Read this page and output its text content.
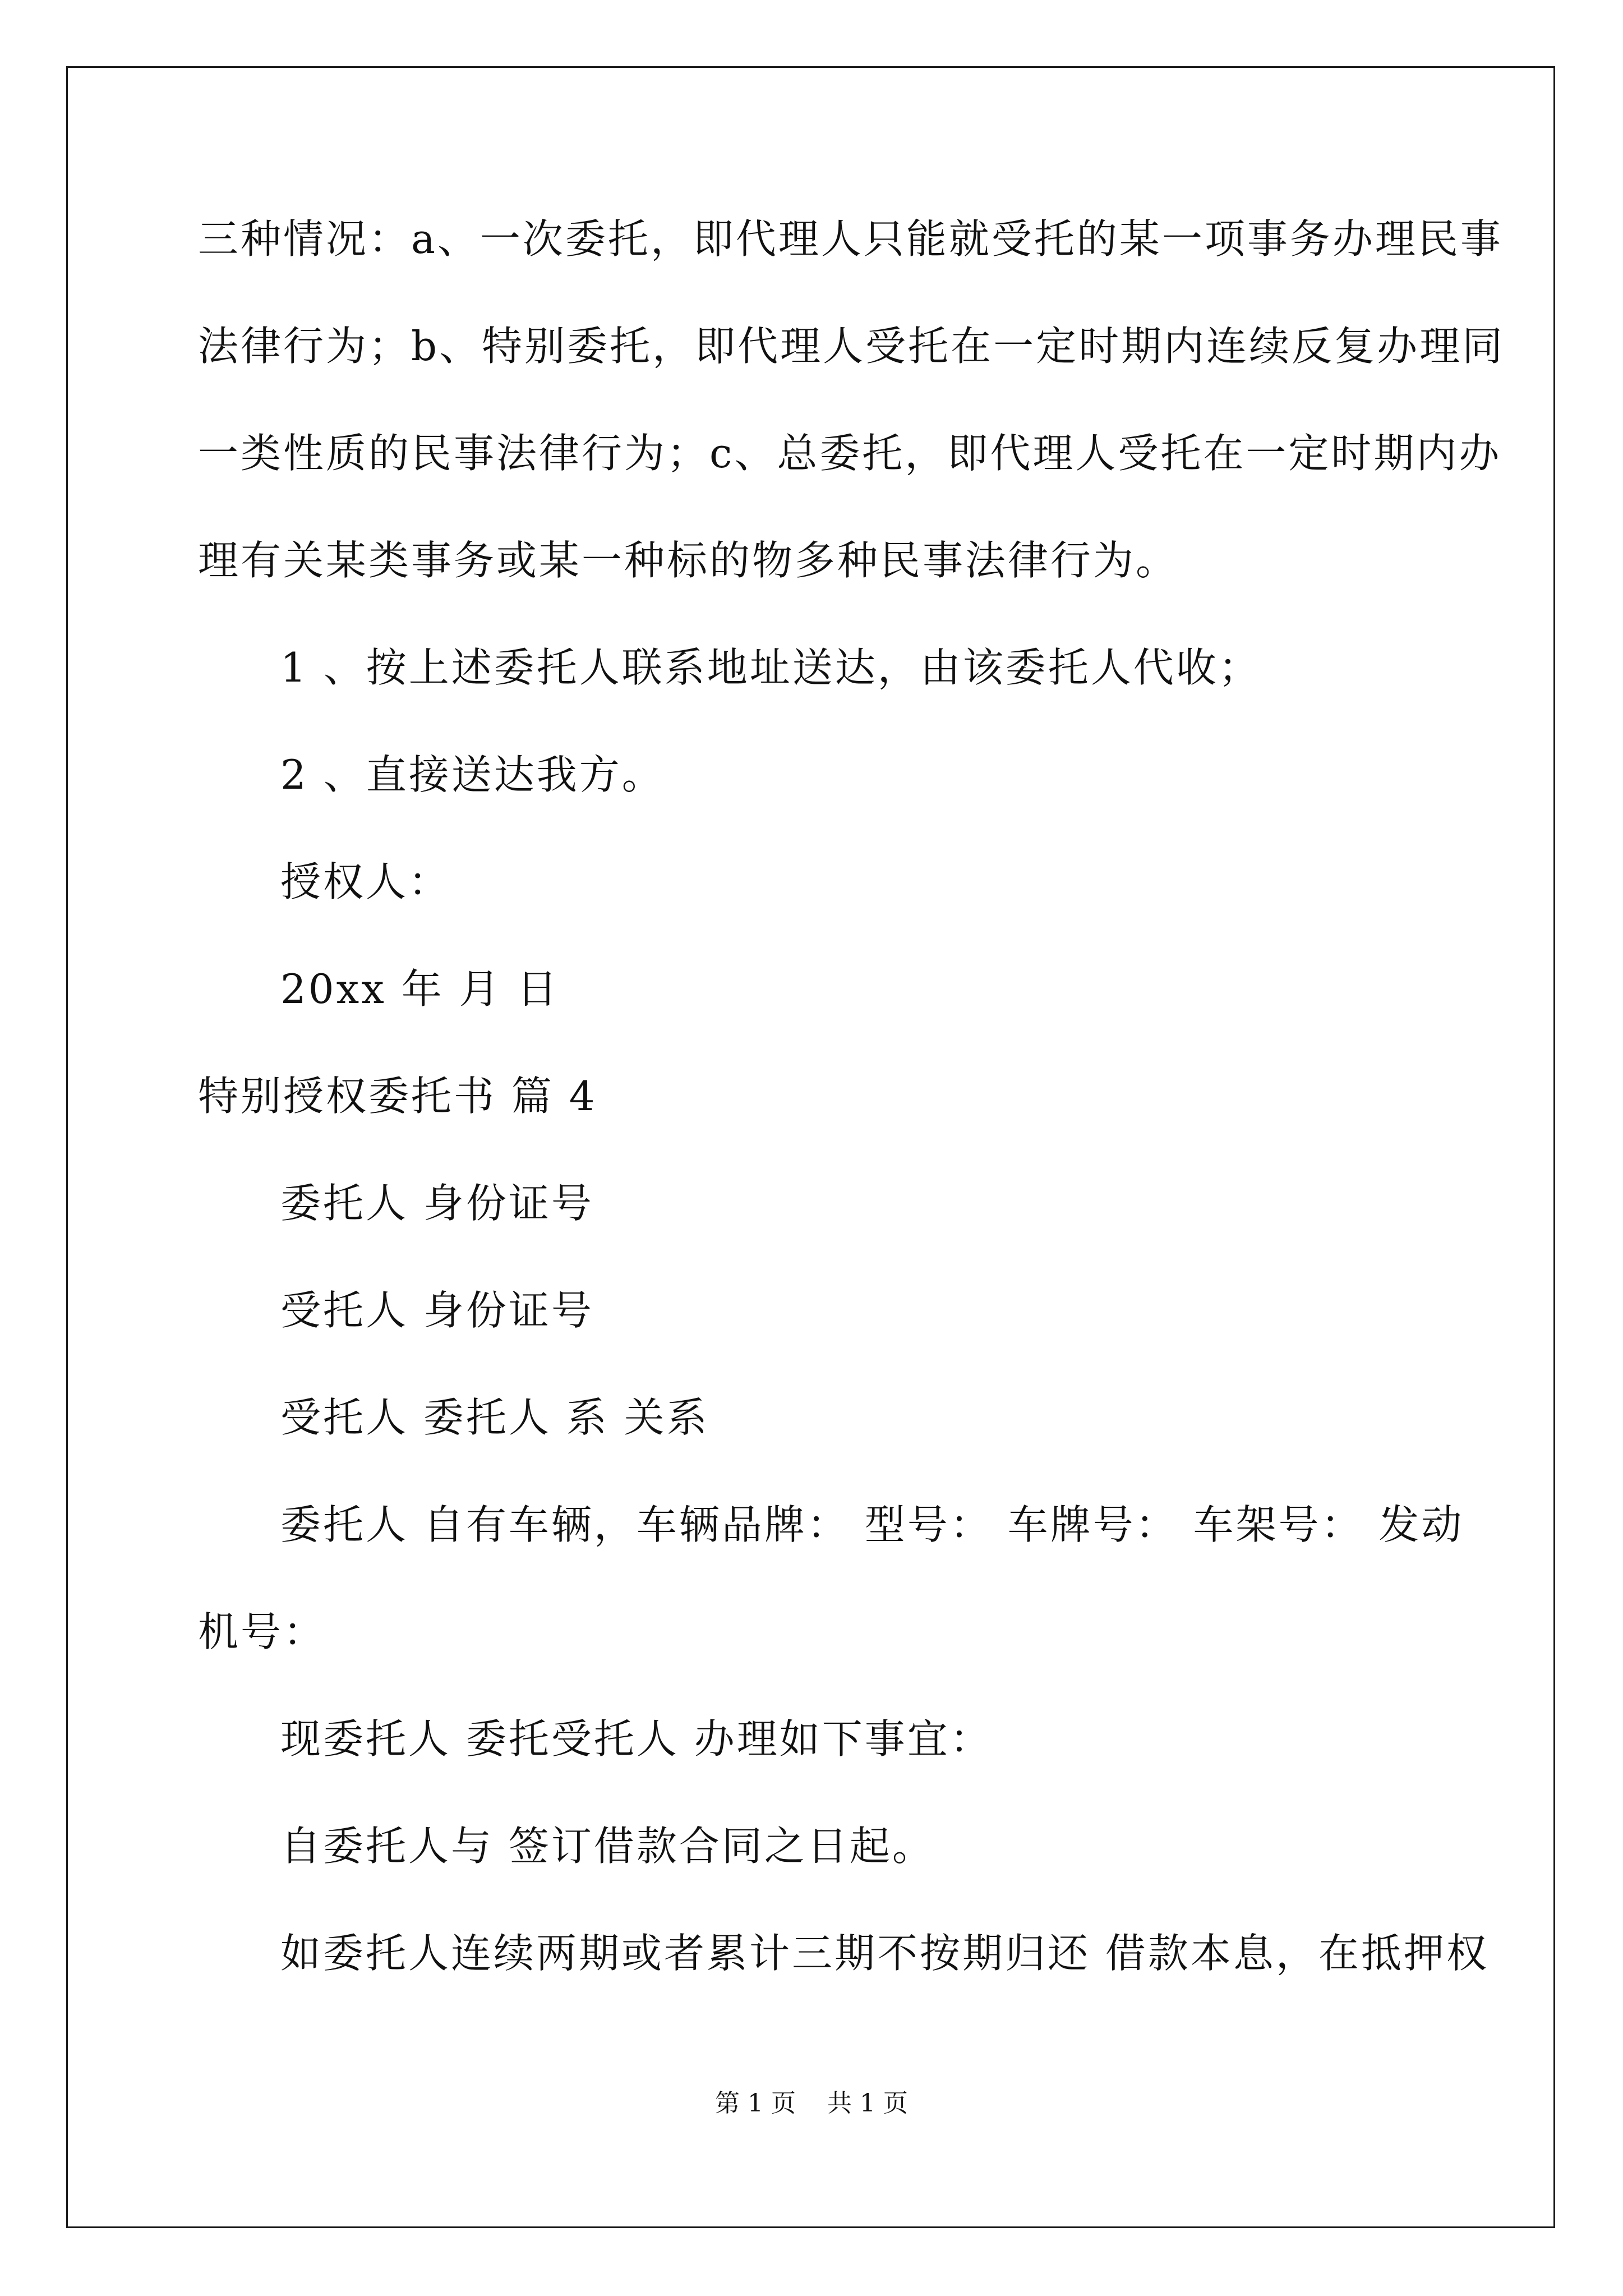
三种情况：a、一次委托，即代理人只能就受托的某一项事务办理民事
法律行为；b、特别委托，即代理人受托在一定时期内连续反复办理同
一类性质的民事法律行为；c、总委托，即代理人受托在一定时期内办
理有关某类事务或某一种标的物多种民事法律行为。
1 、按上述委托人联系地址送达，由该委托人代收；
2 、直接送达我方。
授权人：
20xx 年 月 日
特别授权委托书 篇 4
委托人 身份证号
受托人 身份证号
受托人 委托人 系 关系
委托人 自有车辆，车辆品牌： 型号： 车牌号： 车架号： 发动
机号：
现委托人 委托受托人 办理如下事宜：
自委托人与 签订借款合同之日起。
如委托人连续两期或者累计三期不按期归还 借款本息，在抵押权
第 1 页    共 1 页
